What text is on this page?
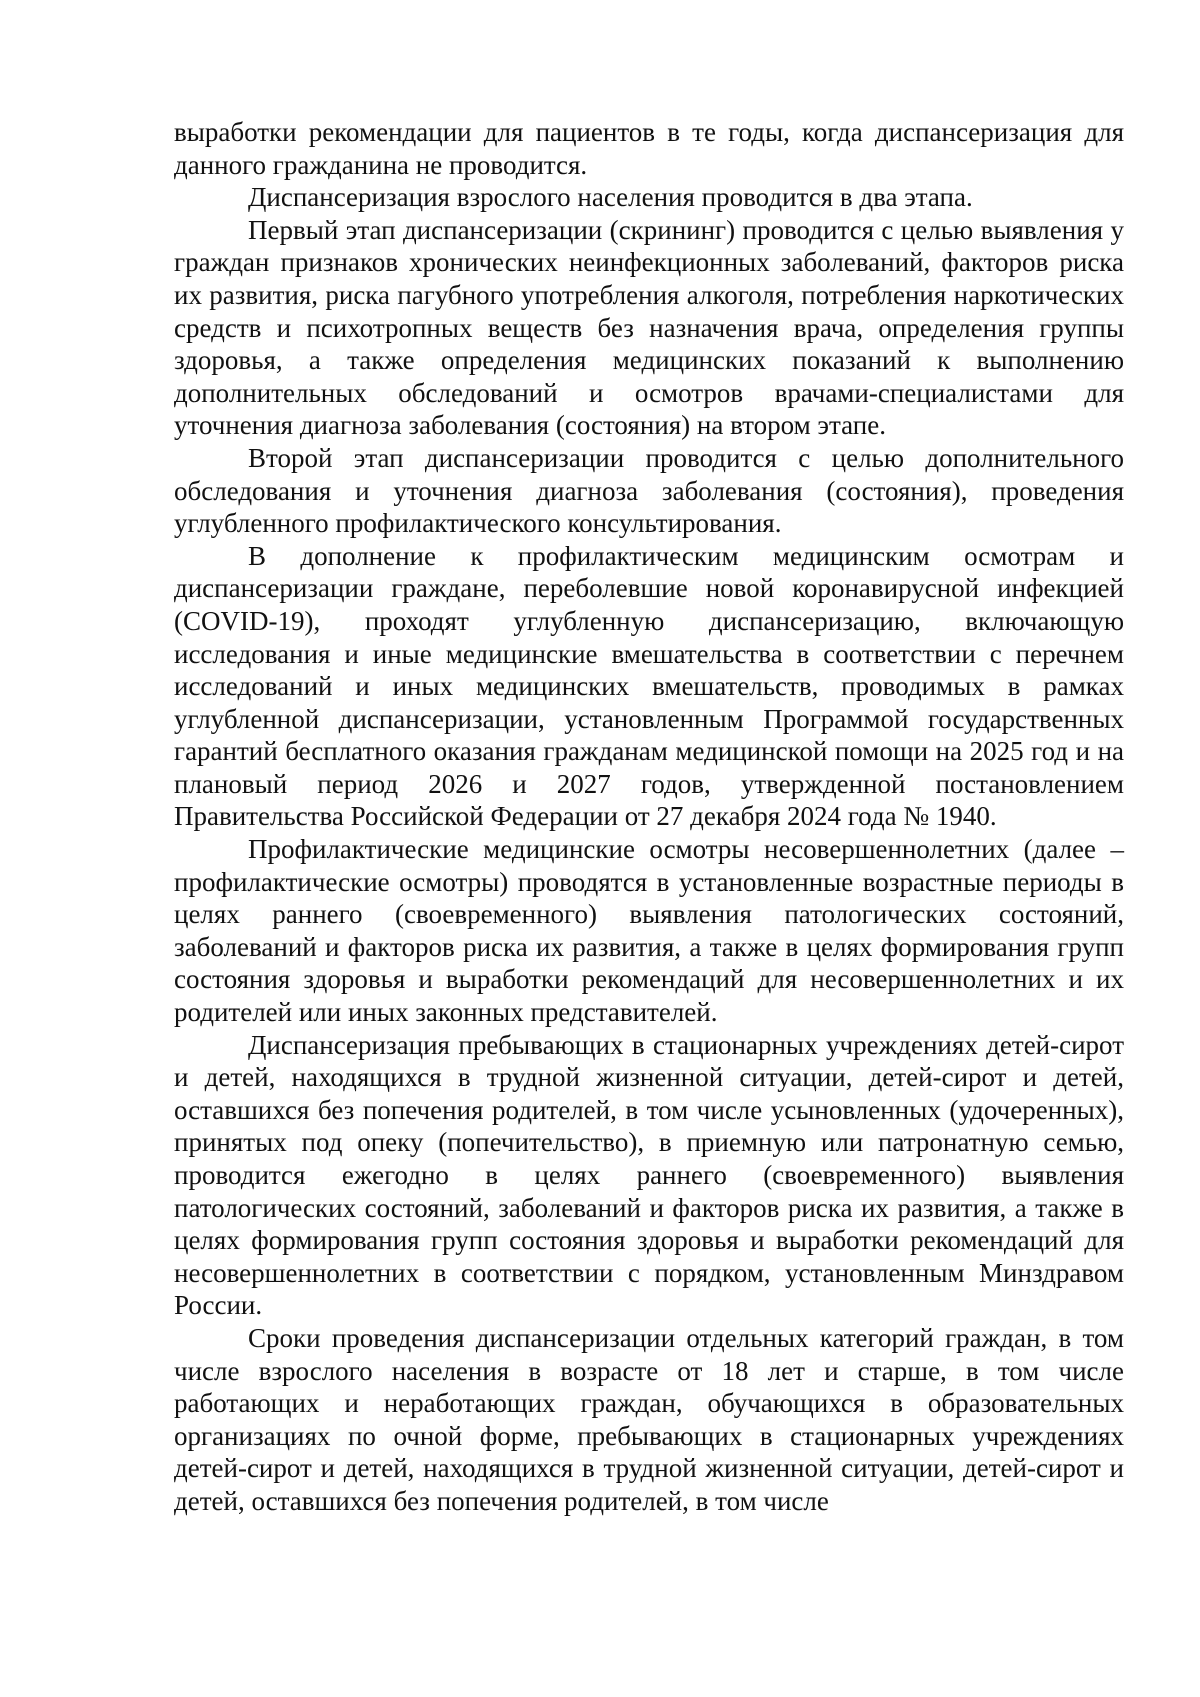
выработки рекомендации для пациентов в те годы, когда диспансеризация для данного гражданина не проводится.

Диспансеризация взрослого населения проводится в два этапа.

Первый этап диспансеризации (скрининг) проводится с целью выявления у граждан признаков хронических неинфекционных заболеваний, факторов риска их развития, риска пагубного употребления алкоголя, потребления наркотических средств и психотропных веществ без назначения врача, определения группы здоровья, а также определения медицинских показаний к выполнению дополнительных обследований и осмотров врачами-специалистами для уточнения диагноза заболевания (состояния) на втором этапе.

Второй этап диспансеризации проводится с целью дополнительного обследования и уточнения диагноза заболевания (состояния), проведения углубленного профилактического консультирования.

В дополнение к профилактическим медицинским осмотрам и диспансеризации граждане, переболевшие новой коронавирусной инфекцией (COVID-19), проходят углубленную диспансеризацию, включающую исследования и иные медицинские вмешательства в соответствии с перечнем исследований и иных медицинских вмешательств, проводимых в рамках углубленной диспансеризации, установленным Программой государственных гарантий бесплатного оказания гражданам медицинской помощи на 2025 год и на плановый период 2026 и 2027 годов, утвержденной постановлением Правительства Российской Федерации от 27 декабря 2024 года № 1940.

Профилактические медицинские осмотры несовершеннолетних (далее – профилактические осмотры) проводятся в установленные возрастные периоды в целях раннего (своевременного) выявления патологических состояний, заболеваний и факторов риска их развития, а также в целях формирования групп состояния здоровья и выработки рекомендаций для несовершеннолетних и их родителей или иных законных представителей.

Диспансеризация пребывающих в стационарных учреждениях детей-сирот и детей, находящихся в трудной жизненной ситуации, детей-сирот и детей, оставшихся без попечения родителей, в том числе усыновленных (удочеренных), принятых под опеку (попечительство), в приемную или патронатную семью, проводится ежегодно в целях раннего (своевременного) выявления патологических состояний, заболеваний и факторов риска их развития, а также в целях формирования групп состояния здоровья и выработки рекомендаций для несовершеннолетних в соответствии с порядком, установленным Минздравом России.

Сроки проведения диспансеризации отдельных категорий граждан, в том числе взрослого населения в возрасте от 18 лет и старше, в том числе работающих и неработающих граждан, обучающихся в образовательных организациях по очной форме, пребывающих в стационарных учреждениях детей-сирот и детей, находящихся в трудной жизненной ситуации, детей-сирот и детей, оставшихся без попечения родителей, в том числе
